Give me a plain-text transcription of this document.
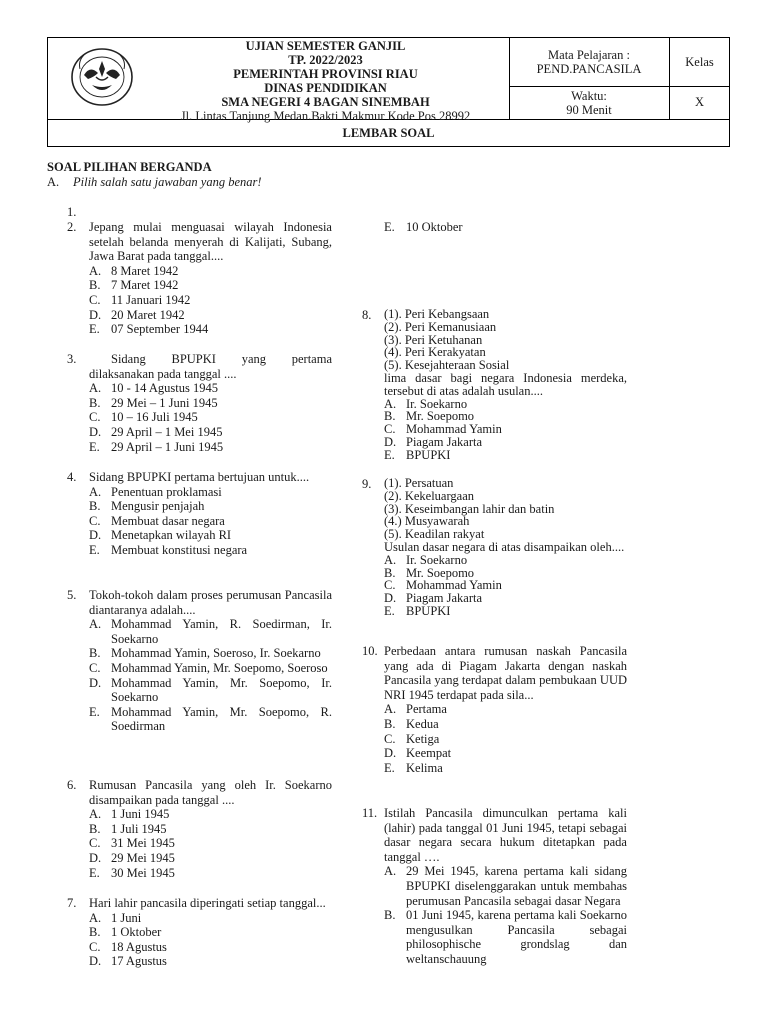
UJIAN SEMESTER GANJIL
TP. 2022/2023
PEMERINTAH PROVINSI RIAU
DINAS PENDIDIKAN
SMA NEGERI 4 BAGAN SINEMBAH
Jl. Lintas Tanjung Medan.Bakti Makmur Kode Pos 28992
Mata Pelajaran :
PEND.PANCASILA
Waktu:
90 Menit
Kelas
X
LEMBAR SOAL
SOAL PILIHAN BERGANDA
A. Pilih salah satu jawaban yang benar!
1.

2. Jepang mulai menguasai wilayah Indonesia setelah belanda menyerah di Kalijati, Subang, Jawa Barat pada tanggal....
A. 8 Maret 1942
B. 7 Maret 1942
C. 11 Januari 1942
D. 20 Maret 1942
E. 07 September 1944
3.	Sidang BPUPKI yang pertama dilaksanakan pada tanggal ....
A. 10 - 14 Agustus 1945
B. 29 Mei – 1 Juni 1945
C. 10 – 16 Juli 1945
D. 29 April – 1 Mei 1945
E. 29 April – 1 Juni 1945
4. Sidang BPUPKI pertama bertujuan untuk....
A. Penentuan proklamasi
B. Mengusir penjajah
C. Membuat dasar negara
D. Menetapkan wilayah RI
E. Membuat konstitusi negara
5. Tokoh-tokoh dalam proses perumusan Pancasila diantaranya adalah....
A. Mohammad Yamin, R. Soedirman, Ir. Soekarno
B. Mohammad Yamin, Soeroso, Ir. Soekarno
C. Mohammad Yamin, Mr. Soepomo, Soeroso
D. Mohammad Yamin, Mr. Soepomo, Ir. Soekarno
E. Mohammad Yamin, Mr. Soepomo, R. Soedirman
6. Rumusan Pancasila yang oleh Ir. Soekarno disampaikan pada tanggal ....
A. 1 Juni 1945
B. 1 Juli 1945
C. 31 Mei 1945
D. 29 Mei 1945
E. 30 Mei 1945
7. Hari lahir pancasila diperingati setiap tanggal...
A. 1 Juni
B. 1 Oktober
C. 18 Agustus
D. 17 Agustus
E. 10 Oktober
8. (1). Peri Kebangsaan
(2). Peri Kemanusiaan
(3). Peri Ketuhanan
(4). Peri Kerakyatan
(5). Kesejahteraan Sosial
lima dasar bagi negara Indonesia merdeka, tersebut di atas adalah usulan....
A. Ir. Soekarno
B. Mr. Soepomo
C. Mohammad Yamin
D. Piagam Jakarta
E. BPUPKI
9. (1). Persatuan
(2). Kekeluargaan
(3). Keseimbangan lahir dan batin
(4.) Musyawarah
(5). Keadilan rakyat
Usulan dasar negara di atas disampaikan oleh....
A. Ir. Soekarno
B. Mr. Soepomo
C. Mohammad Yamin
D. Piagam Jakarta
E. BPUPKI
10. Perbedaan antara rumusan naskah Pancasila yang ada di Piagam Jakarta dengan naskah Pancasila yang terdapat dalam pembukaan UUD NRI 1945 terdapat pada sila...
A. Pertama
B. Kedua
C. Ketiga
D. Keempat
E. Kelima
11. Istilah Pancasila dimunculkan pertama kali (lahir) pada tanggal 01 Juni 1945, tetapi sebagai dasar negara secara hukum ditetapkan pada tanggal ….
A. 29 Mei 1945, karena pertama kali sidang BPUPKI diselenggarakan untuk membahas perumusan Pancasila sebagai dasar Negara
B. 01 Juni 1945, karena pertama kali Soekarno mengusulkan Pancasila sebagai philosophische grondslag dan weltanschauung
